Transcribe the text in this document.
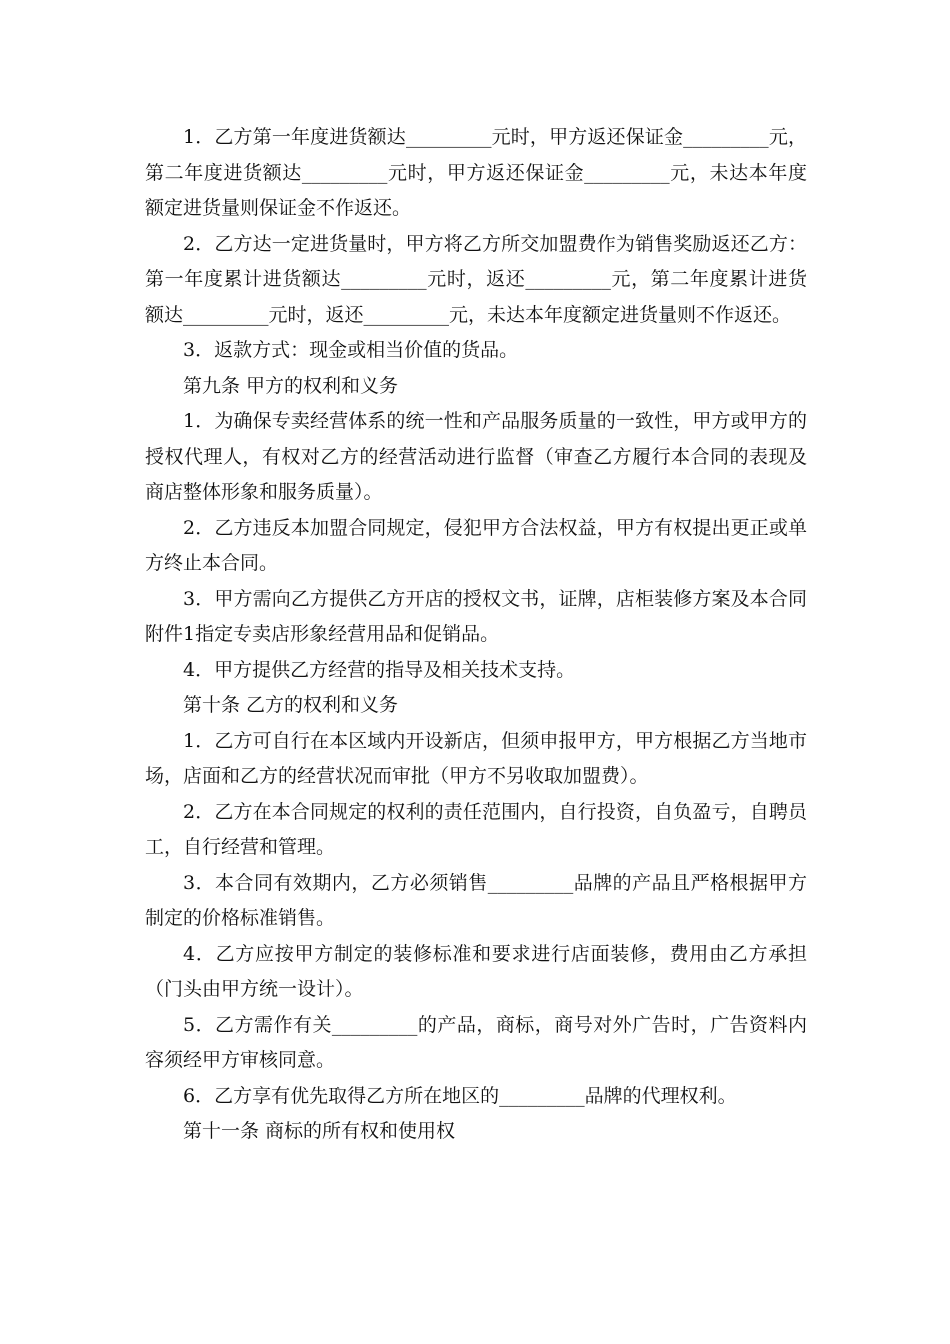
1．乙方第一年度进货额达_________元时，甲方返还保证金_________元，第二年度进货额达_________元时，甲方返还保证金_________元，未达本年度额定进货量则保证金不作返还。

2．乙方达一定进货量时，甲方将乙方所交加盟费作为销售奖励返还乙方：第一年度累计进货额达_________元时，返还_________元，第二年度累计进货额达_________元时，返还_________元，未达本年度额定进货量则不作返还。

3．返款方式：现金或相当价值的货品。

第九条 甲方的权利和义务

1．为确保专卖经营体系的统一性和产品服务质量的一致性，甲方或甲方的授权代理人，有权对乙方的经营活动进行监督（审查乙方履行本合同的表现及商店整体形象和服务质量）。

2．乙方违反本加盟合同规定，侵犯甲方合法权益，甲方有权提出更正或单方终止本合同。

3．甲方需向乙方提供乙方开店的授权文书，证牌，店柜装修方案及本合同附件1指定专卖店形象经营用品和促销品。

4．甲方提供乙方经营的指导及相关技术支持。

第十条 乙方的权利和义务

1．乙方可自行在本区域内开设新店，但须申报甲方，甲方根据乙方当地市场，店面和乙方的经营状况而审批（甲方不另收取加盟费）。

2．乙方在本合同规定的权利的责任范围内，自行投资，自负盈亏，自聘员工，自行经营和管理。

3．本合同有效期内，乙方必须销售_________品牌的产品且严格根据甲方制定的价格标准销售。

4．乙方应按甲方制定的装修标准和要求进行店面装修，费用由乙方承担（门头由甲方统一设计）。

5．乙方需作有关_________的产品，商标，商号对外广告时，广告资料内容须经甲方审核同意。

6．乙方享有优先取得乙方所在地区的_________品牌的代理权利。

第十一条 商标的所有权和使用权
